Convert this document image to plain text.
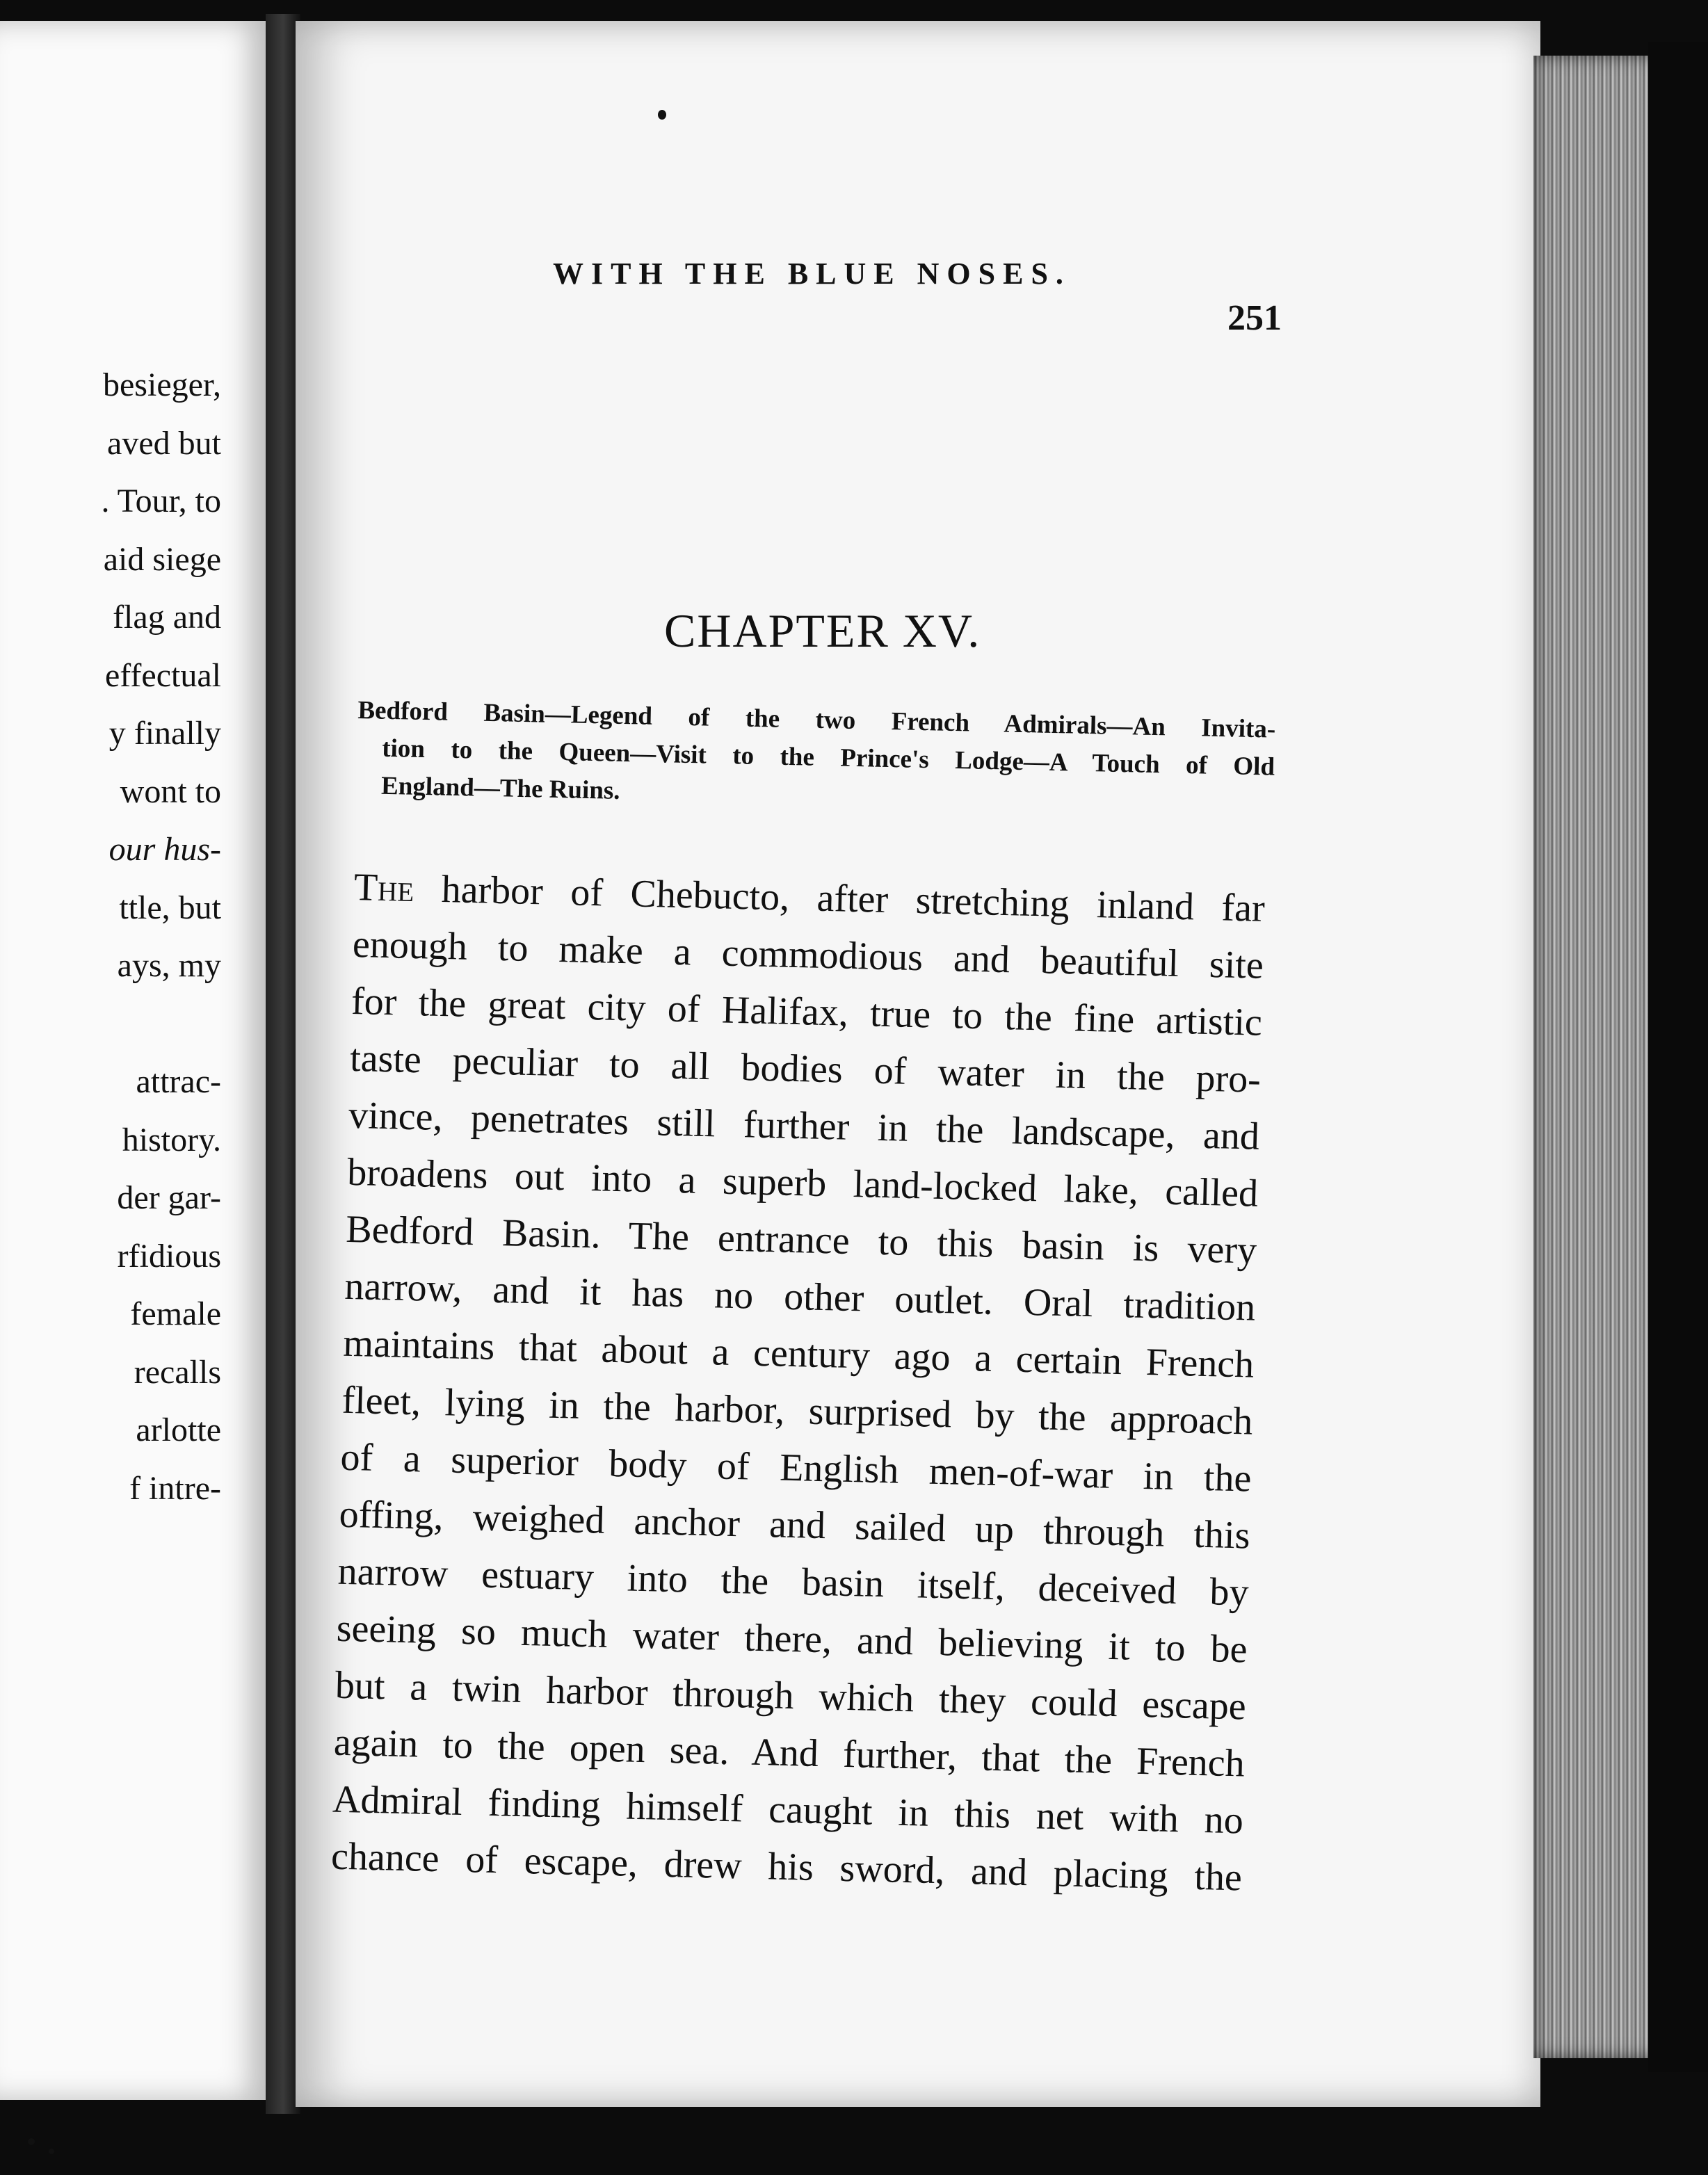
besieger,
aved but
. Tour, to
aid siege
flag and
effectual
y finally
wont to
our hus-
ttle, but
ays, my
attrac-
history.
der gar-
rfidious
female
recalls
arlotte
f intre-
WITH THE BLUE NOSES.
251
CHAPTER XV.
Bedford Basin—Legend of the two French Admirals—An Invita-
tion to the Queen—Visit to the Prince's Lodge—A Touch of Old
England—The Ruins.
The harbor of Chebucto, after stretching inland far
enough to make a commodious and beautiful site
for the great city of Halifax, true to the fine artistic
taste peculiar to all bodies of water in the pro-
vince, penetrates still further in the landscape, and
broadens out into a superb land-locked lake, called
Bedford Basin. The entrance to this basin is very
narrow, and it has no other outlet. Oral tradition
maintains that about a century ago a certain French
fleet, lying in the harbor, surprised by the approach
of a superior body of English men-of-war in the
offing, weighed anchor and sailed up through this
narrow estuary into the basin itself, deceived by
seeing so much water there, and believing it to be
but a twin harbor through which they could escape
again to the open sea. And further, that the French
Admiral finding himself caught in this net with no
chance of escape, drew his sword, and placing the
